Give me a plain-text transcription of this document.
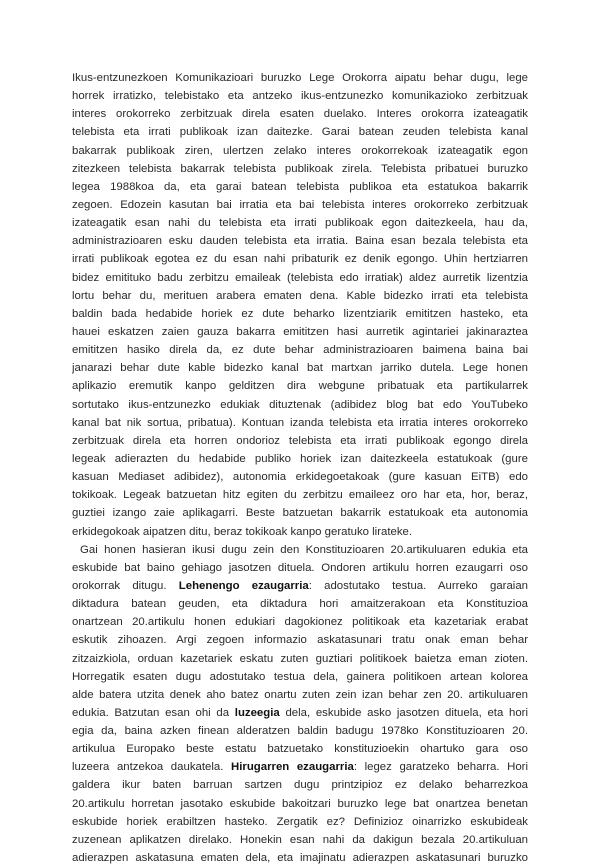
Ikus-entzunezkoen Komunikazioari buruzko Lege Orokorra aipatu behar dugu, lege
horrek irratizko, telebistako eta antzeko ikus-entzunezko komunikazioko zerbitzuak
interes orokorreko zerbitzuak direla esaten duelako. Interes orokorra izateagatik
telebista eta irrati publikoak izan daitezke. Garai batean zeuden telebista kanal
bakarrak publikoak ziren, ulertzen zelako interes orokorrekoak izateagatik egon
zitezkeen telebista bakarrak telebista publikoak zirela. Telebista pribatuei buruzko
legea 1988koa da, eta garai batean telebista publikoa eta estatukoa bakarrik
zegoen. Edozein kasutan bai irratia eta bai telebista interes orokorreko zerbitzuak
izateagatik esan nahi du telebista eta irrati publikoak egon daitezkeela, hau da,
administrazioaren esku dauden telebista eta irratia. Baina esan bezala telebista eta
irrati publikoak egotea ez du esan nahi pribaturik ez denik egongo. Uhin hertziarren
bidez emitituko badu zerbitzu emaileak (telebista edo irratiak) aldez aurretik lizentzia
lortu behar du, merituen arabera ematen dena. Kable bidezko irrati eta telebista
baldin bada hedabide horiek ez dute beharko lizentziarik emititzen hasteko, eta
hauei eskatzen zaien gauza bakarra emititzen hasi aurretik agintariei jakinaraztea
emititzen hasiko direla da, ez dute behar administrazioaren baimena baina bai
janarazi behar dute kable bidezko kanal bat martxan jarriko dutela. Lege honen
aplikazio eremutik kanpo gelditzen dira webgune pribatuak eta partikularrek
sortutako ikus-entzunezko edukiak dituztenak (adibidez blog bat edo YouTubeko
kanal bat nik sortua, pribatua). Kontuan izanda telebista eta irratia interes orokorreko
zerbitzuak direla eta horren ondorioz telebista eta irrati publikoak egongo direla
legeak adierazten du hedabide publiko horiek izan daitezkeela estatukoak (gure
kasuan Mediaset adibidez), autonomia erkidegoetakoak (gure kasuan EiTB) edo
tokikoak. Legeak batzuetan hitz egiten du zerbitzu emaileez oro har eta, hor, beraz,
guztiei izango zaie aplikagarri. Beste batzuetan bakarrik estatukoak eta autonomia
erkidegokoak aipatzen ditu, beraz tokikoak kanpo geratuko lirateke.
Gai honen hasieran ikusi dugu zein den Konstituzioaren 20.artikuluaren edukia eta
eskubide bat baino gehiago jasotzen dituela. Ondoren artikulu horren ezaugarri oso
orokorrak ditugu. Lehenengo ezaugarria: adostutako testua. Aurreko garaian
diktadura batean geuden, eta diktadura hori amaitzerakoan eta Konstituzioa
onartzean 20.artikulu honen edukiari dagokionez politikoak eta kazetariak erabat
eskutik zihoazen. Argi zegoen informazio askatasunari tratu onak eman behar
zitzaizkiola, orduan kazetariek eskatu zuten guztiari politikoek baietza eman zioten.
Horregatik esaten dugu adostutako testua dela, gainera politikoen artean kolorea
alde batera utzita denek aho batez onartu zuten zein izan behar zen 20. artikuluaren
edukia. Batzutan esan ohi da luzeegia dela, eskubide asko jasotzen dituela, eta hori
egia da, baina azken finean alderatzen baldin badugu 1978ko Konstituzioaren 20.
artikulua Europako beste estatu batzuetako konstituzioekin ohartuko gara oso
luzeera antzekoa daukatela. Hirugarren ezaugarria: legez garatzeko beharra. Hori
galdera ikur baten barruan sartzen dugu printzipioz ez delako beharrezkoa
20.artikulu horretan jasotako eskubide bakoitzari buruzko lege bat onartzea benetan
eskubide horiek erabiltzen hasteko. Zergatik ez? Definizioz oinarrizko eskubideak
zuzenean aplikatzen direlako. Honekin esan nahi da dakigun bezala 20.artikuluan
adierazpen askatasuna ematen dela, eta imajinatu adierazpen askatasunari buruzko
